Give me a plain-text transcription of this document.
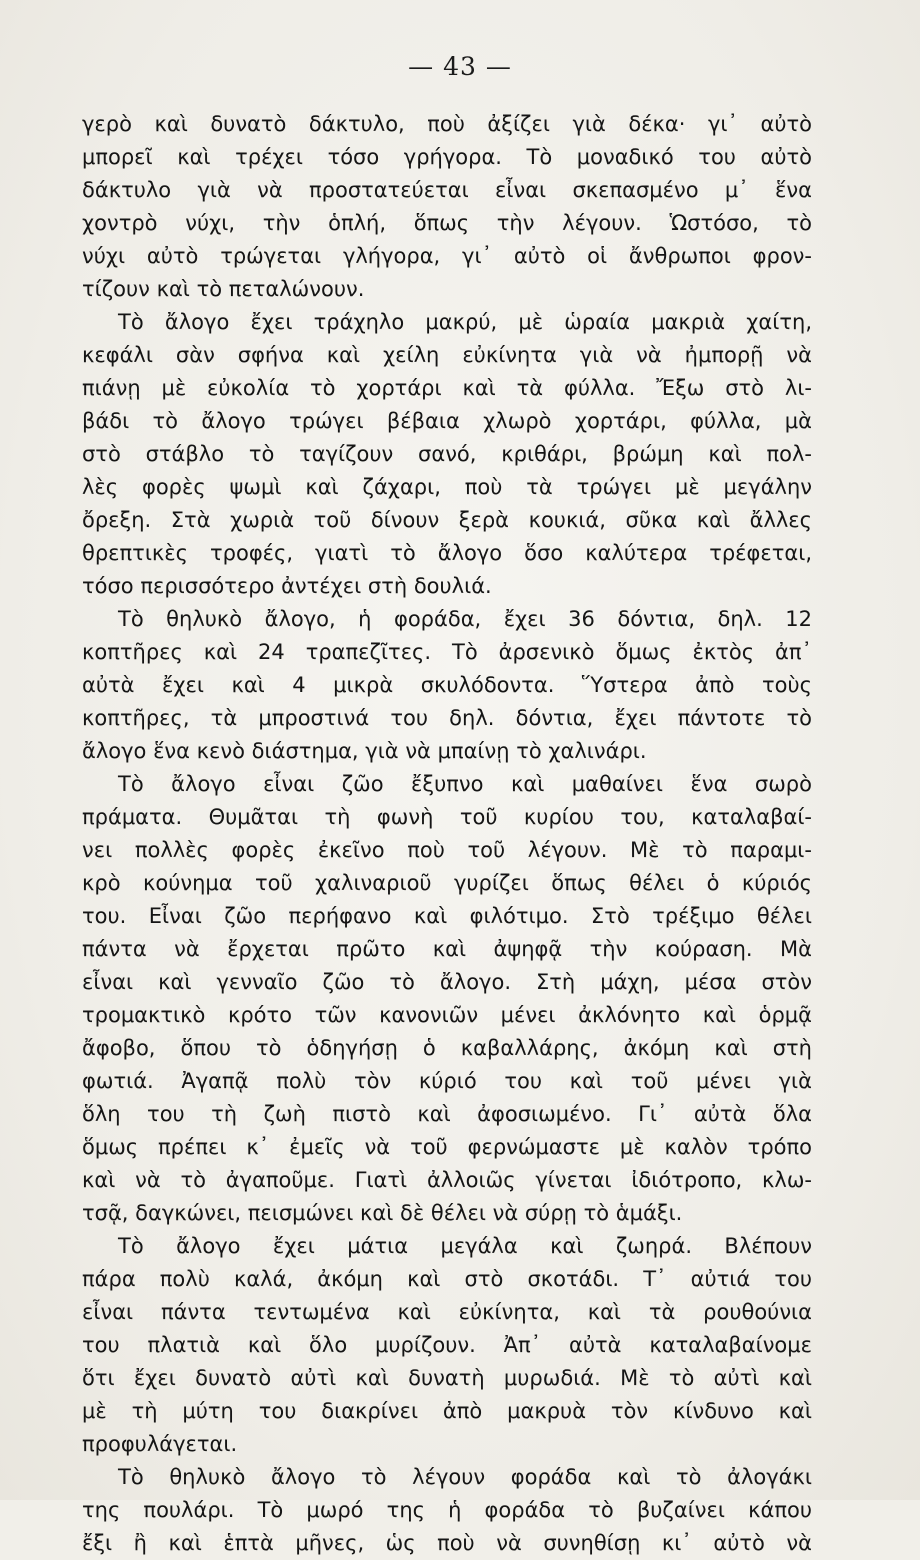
— 43 —
γερὸ καὶ δυνατὸ δάκτυλο, ποὺ ἀξίζει γιὰ δέκα· γι᾿ αὐτὸ
μπορεῖ καὶ τρέχει τόσο γρήγορα. Τὸ μοναδικό του αὐτὸ
δάκτυλο γιὰ νὰ προστατεύεται εἶναι σκεπασμένο μ᾿ ἕνα
χοντρὸ νύχι, τὴν ὁπλή, ὅπως τὴν λέγουν. Ὡστόσο, τὸ
νύχι αὐτὸ τρώγεται γλήγορα, γι᾿ αὐτὸ οἱ ἄνθρωποι φρον-
τίζουν καὶ τὸ πεταλώνουν.
Τὸ ἄλογο ἔχει τράχηλο μακρύ, μὲ ὡραία μακριὰ χαίτη,
κεφάλι σὰν σφήνα καὶ χείλη εὐκίνητα γιὰ νὰ ἠμπορῇ νὰ
πιάνῃ μὲ εὐκολία τὸ χορτάρι καὶ τὰ φύλλα. Ἔξω στὸ λι-
βάδι τὸ ἄλογο τρώγει βέβαια χλωρὸ χορτάρι, φύλλα, μὰ
στὸ στάβλο τὸ ταγίζουν σανό, κριθάρι, βρώμη καὶ πολ-
λὲς φορὲς ψωμὶ καὶ ζάχαρι, ποὺ τὰ τρώγει μὲ μεγάλην
ὄρεξη. Στὰ χωριὰ τοῦ δίνουν ξερὰ κουκιά, σῦκα καὶ ἄλλες
θρεπτικὲς τροφές, γιατὶ τὸ ἄλογο ὅσο καλύτερα τρέφεται,
τόσο περισσότερο ἀντέχει στὴ δουλιά.
Τὸ θηλυκὸ ἄλογο, ἡ φοράδα, ἔχει 36 δόντια, δηλ. 12
κοπτῆρες καὶ 24 τραπεζῖτες. Τὸ ἀρσενικὸ ὅμως ἐκτὸς ἀπ᾿
αὐτὰ ἔχει καὶ 4 μικρὰ σκυλόδοντα. Ὕστερα ἀπὸ τοὺς
κοπτῆρες, τὰ μπροστινά του δηλ. δόντια, ἔχει πάντοτε τὸ
ἄλογο ἕνα κενὸ διάστημα, γιὰ νὰ μπαίνῃ τὸ χαλινάρι.
Τὸ ἄλογο εἶναι ζῶο ἔξυπνο καὶ μαθαίνει ἕνα σωρὸ
πράματα. Θυμᾶται τὴ φωνὴ τοῦ κυρίου του, καταλαβαί-
νει πολλὲς φορὲς ἐκεῖνο ποὺ τοῦ λέγουν. Μὲ τὸ παραμι-
κρὸ κούνημα τοῦ χαλιναριοῦ γυρίζει ὅπως θέλει ὁ κύριός
του. Εἶναι ζῶο περήφανο καὶ φιλότιμο. Στὸ τρέξιμο θέλει
πάντα νὰ ἔρχεται πρῶτο καὶ ἀψηφᾷ τὴν κούραση. Μὰ
εἶναι καὶ γενναῖο ζῶο τὸ ἄλογο. Στὴ μάχη, μέσα στὸν
τρομακτικὸ κρότο τῶν κανονιῶν μένει ἀκλόνητο καὶ ὁρμᾷ
ἄφοβο, ὅπου τὸ ὁδηγήσῃ ὁ καβαλλάρης, ἀκόμη καὶ στὴ
φωτιά. Ἀγαπᾷ πολὺ τὸν κύριό του καὶ τοῦ μένει γιὰ
ὅλη του τὴ ζωὴ πιστὸ καὶ ἀφοσιωμένο. Γι᾿ αὐτὰ ὅλα
ὅμως πρέπει κ᾿ ἐμεῖς νὰ τοῦ φερνώμαστε μὲ καλὸν τρόπο
καὶ νὰ τὸ ἀγαποῦμε. Γιατὶ ἀλλοιῶς γίνεται ἰδιότροπο, κλω-
τσᾷ, δαγκώνει, πεισμώνει καὶ δὲ θέλει νὰ σύρῃ τὸ ἁμάξι.
Τὸ ἄλογο ἔχει μάτια μεγάλα καὶ ζωηρά. Βλέπουν
πάρα πολὺ καλά, ἀκόμη καὶ στὸ σκοτάδι. Τ᾿ αὐτιά του
εἶναι πάντα τεντωμένα καὶ εὐκίνητα, καὶ τὰ ρουθούνια
του πλατιὰ καὶ ὅλο μυρίζουν. Ἀπ᾿ αὐτὰ καταλαβαίνομε
ὅτι ἔχει δυνατὸ αὐτὶ καὶ δυνατὴ μυρωδιά. Μὲ τὸ αὐτὶ καὶ
μὲ τὴ μύτη του διακρίνει ἀπὸ μακρυὰ τὸν κίνδυνο καὶ
προφυλάγεται.
Τὸ θηλυκὸ ἄλογο τὸ λέγουν φοράδα καὶ τὸ ἀλογάκι
της πουλάρι. Τὸ μωρό της ἡ φοράδα τὸ βυζαίνει κάπου
ἔξι ἢ καὶ ἑπτὰ μῆνες, ὡς ποὺ νὰ συνηθίσῃ κι᾿ αὐτὸ νὰ
